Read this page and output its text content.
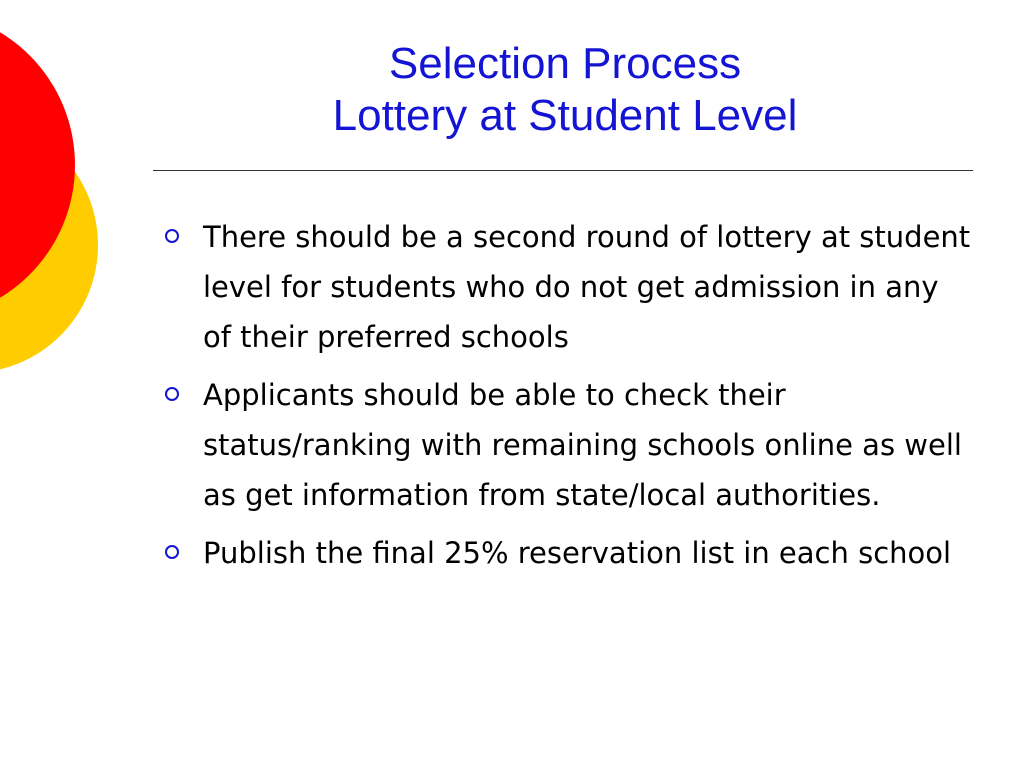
Selection Process
Lottery at Student Level
There should be a second round of lottery at student level for students who do not get admission in any of their preferred schools
Applicants should be able to check their status/ranking with remaining schools online as well as get information from state/local authorities.
Publish the final 25% reservation list in each school
